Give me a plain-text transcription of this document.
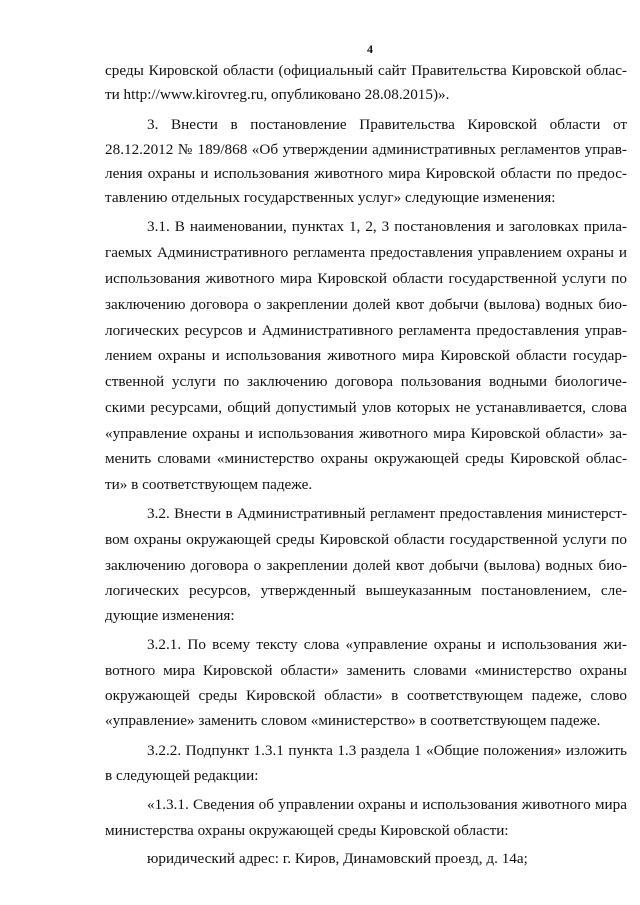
4
среды Кировской области (официальный сайт Правительства Кировской облас-
ти http://www.kirovreg.ru, опубликовано 28.08.2015)».
3. Внести в постановление Правительства Кировской области от
28.12.2012 № 189/868 «Об утверждении административных регламентов управ-
ления охраны и использования животного мира Кировской области по предос-
тавлению отдельных государственных услуг» следующие изменения:
3.1. В наименовании, пунктах 1, 2, 3 постановления и заголовках прила-
гаемых Административного регламента предоставления управлением охраны и
использования животного мира Кировской области государственной услуги по
заключению договора о закреплении долей квот добычи (вылова) водных био-
логических ресурсов и Административного регламента предоставления управ-
лением охраны и использования животного мира Кировской области государ-
ственной услуги по заключению договора пользования водными биологиче-
скими ресурсами, общий допустимый улов которых не устанавливается, слова
«управление охраны и использования животного мира Кировской области» за-
менить словами «министерство охраны окружающей среды Кировской облас-
ти» в соответствующем падеже.
3.2. Внести в Административный регламент предоставления министерст-
вом охраны окружающей среды Кировской области государственной услуги по
заключению договора о закреплении долей квот добычи (вылова) водных био-
логических ресурсов, утвержденный вышеуказанным постановлением, сле-
дующие изменения:
3.2.1. По всему тексту слова «управление охраны и использования жи-
вотного мира Кировской области» заменить словами «министерство охраны
окружающей среды Кировской области» в соответствующем падеже, слово
«управление» заменить словом «министерство» в соответствующем падеже.
3.2.2. Подпункт 1.3.1 пункта 1.3 раздела 1 «Общие положения» изложить
в следующей редакции:
«1.3.1. Сведения об управлении охраны и использования животного мира
министерства охраны окружающей среды Кировской области:
юридический адрес: г. Киров, Динамовский проезд, д. 14а;
